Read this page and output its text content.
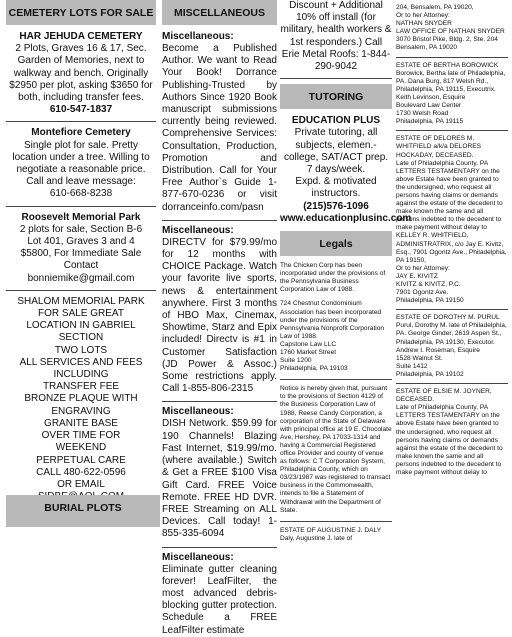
CEMETERY LOTS FOR SALE

HAR JEHUDA CEMETERY

2 Plots, Graves 16 & 17, Sec. Garden of Memories, next to walkway and bench. Originally $2950 per plot, asking $3650 for both, including transfer fees.

610-547-1837

Montefiore Cemetery

Single plot for sale. Pretty location under a tree. Willing to negotiate a reasonable price.

Call and leave message:

610-668-8238

Roosevelt Memorial Park

2 plots for sale, Section B-6

Lot 401, Graves 3 and 4

$5800, For Immediate Sale

Contact

bonniemike@gmail.com

SHALOM MEMORIAL PARK
FOR SALE GREAT
LOCATION IN GABRIEL
SECTION
TWO LOTS
ALL SERVICES AND FEES
INCLUDING
TRANSFER FEE
BRONZE PLAQUE WITH
ENGRAVING
GRANITE BASE
OVER TIME FOR
WEEKEND
PERPETUAL CARE
CALL 480-622-0596
OR EMAIL
BURIAL PLOTS
MISCELLANEOUS

Miscellaneous:

Become a Published Author. We want to Read Your Book! Dorrance Publishing-Trusted by Authors Since 1920 Book manuscript submissions currently being reviewed. Comprehensive Services: Consultation, Production, Promotion and Distribution. Call for Your Free Author`s Guide 1-877-670-0236 or visit dorranceinfo.com/pasn

Miscellaneous:

DIRECTV for $79.99/mo for 12 months with CHOICE Package. Watch your favorite live sports, news & entertainment anywhere. First 3 months of HBO Max, Cinemax, Showtime, Starz and Epix included! Directv is #1 in Customer Satisfaction (JD Power & Assoc.) Some restrictions apply. Call 1-855-806-2315

Miscellaneous:

DISH Network. $59.99 for 190 Channels! Blazing Fast Internet, $19.99/mo. (where available.) Switch & Get a FREE $100 Visa Gift Card. FREE Voice Remote. FREE HD DVR. FREE Streaming on ALL Devices. Call today! 1-855-335-6094

Miscellaneous:

Eliminate gutter cleaning forever! LeafFilter, the most advanced debris-blocking gutter protection. Schedule a FREE LeafFilter estimate

Discount + Additional 10% off install (for military, health workers & 1st responders.) Call Erie Metal Roofs: 1-844-290-9042
TUTORING
EDUCATION PLUS
Private tutoring, all subjects, elemen.-college, SAT/ACT prep.
7 days/week.
Expd. & motivated instructors.
(215)576-1096
www.educationplusinc.com
Legals

The Chicken Corp has been incorporated under the provisions of the Pennsylvania Business Corporation Law of 1988.

724 Chestnut Condominium Association has been incorporated under the provisions of the Pennsylvania Nonprofit Corporation Law of 1988.
Capstone Law LLC
1760 Market Street
Suite 1200
Philadelphia, PA 19103

Notice is hereby given that, pursuant to the provisions of Section 4129 of the Business Corporation Law of 1988, Reese Candy Corporation, a corporation of the State of Delaware with principal office at 19 E. Chocolate Ave, Hershey, PA 17033-1314 and having a Commercial Registered office Provider and county of venue as follows: C T Corporation System, Philadelphia County, which on 03/23/1987 was registered to transact business in the Commonwealth, intends to file a Statement of Withdrawal with the Department of State.

ESTATE OF AUGUSTINE J. DALY
Daly, Augustine J. late of

204, Bensalem, PA 19020,
Or to her Attorney:
NATHAN SNYDER
LAW OFFICE OF NATHAN SNYDER
3070 Bristol Pike, Bldg. 2, Ste. 204
Bensalem, PA 19020
ESTATE OF BERTHA BOROWICK
Borowick, Bertha late of Philadelphia, PA. Dana Burg, 817 Welsh Rd., Philadelphia, PA 19115, Executrix.
Keith Levinson, Esquire
Boulevard Law Center
1730 Welsh Road
Philadelphia, PA 19115
ESTATE OF DELORES M. WHITFIELD a/k/a DELORES HOCKADAY, DECEASED.
Late of Philadelphia County, PA
LETTERS TESTAMENTARY on the above Estate have been granted to the undersigned, who request all persons having claims or demands against the estate of the decedent to make known the same and all persons indebted to the decedent to make payment without delay to KELLEY R. WHITFIELD, ADMINISTRATRIX, c/o Jay E. Kivitz, Esq., 7901 Ogontz Ave., Philadelphia, PA 19150,
Or to her Attorney:
JAY E. KIVITZ
KIVITZ & KIVITZ, P.C.
7901 Ogontz Ave.
Philadelphia, PA 19150
ESTATE OF DOROTHY M. PURUL
Purul, Dorothy M. late of Philadelphia, PA. George Ginder, 2619 Aspen St., Philadelphia, PA 19130, Executor.
Andrew I. Roseman, Esquire
1528 Walnut St.
Suite 1412
Philadelphia, PA 19102
ESTATE OF ELSIE M. JOYNER, DECEASED.
Late of Philadelphia County, PA
LETTERS TESTAMENTARY on the above Estate have been granted to the undersigned, who request all persons having claims or demands against the estate of the decedent to make known the same and all persons indebted to the decedent to make payment without delay to
